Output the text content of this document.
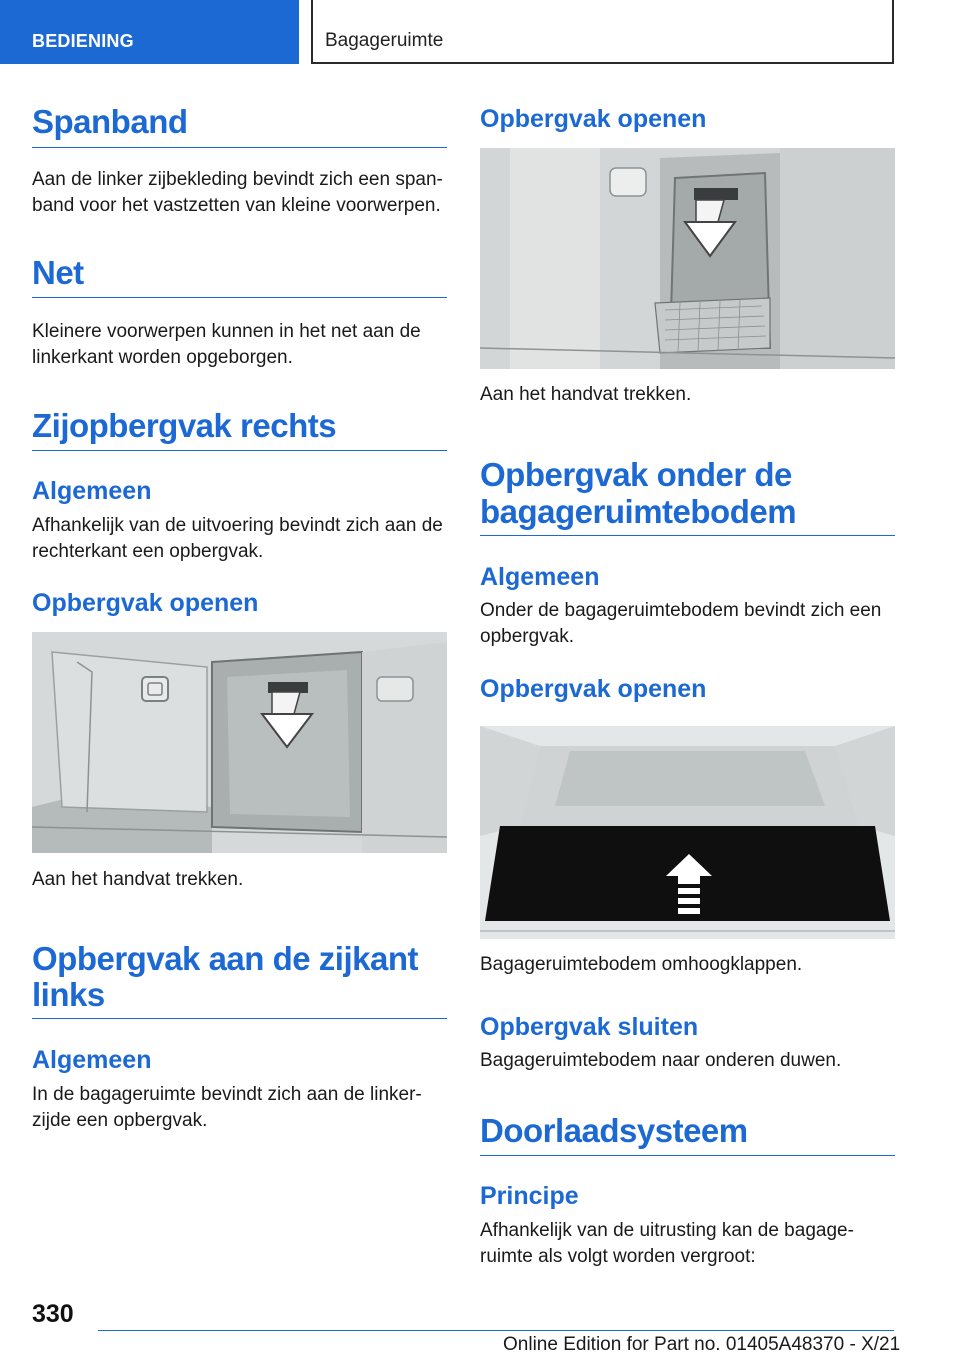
BEDIENING	Bagageruimte
Spanband
Aan de linker zijbekleding bevindt zich een span-
band voor het vastzetten van kleine voorwerpen.
Net
Kleinere voorwerpen kunnen in het net aan de
linkerkant worden opgeborgen.
Zijopbergvak rechts
Algemeen
Afhankelijk van de uitvoering bevindt zich aan de
rechterkant een opbergvak.
Opbergvak openen
Aan het handvat trekken.
Opbergvak aan de zijkant
links
Algemeen
In de bagageruimte bevindt zich aan de linker-
zijde een opbergvak.
Opbergvak openen
Aan het handvat trekken.
Opbergvak onder de
bagageruimtebodem
Algemeen
Onder de bagageruimtebodem bevindt zich een
opbergvak.
Opbergvak openen
Bagageruimtebodem omhoogklappen.
Opbergvak sluiten
Bagageruimtebodem naar onderen duwen.
Doorlaadsysteem
Principe
Afhankelijk van de uitrusting kan de bagage-
ruimte als volgt worden vergroot:
330
Online Edition for Part no. 01405A48370 - X/21
